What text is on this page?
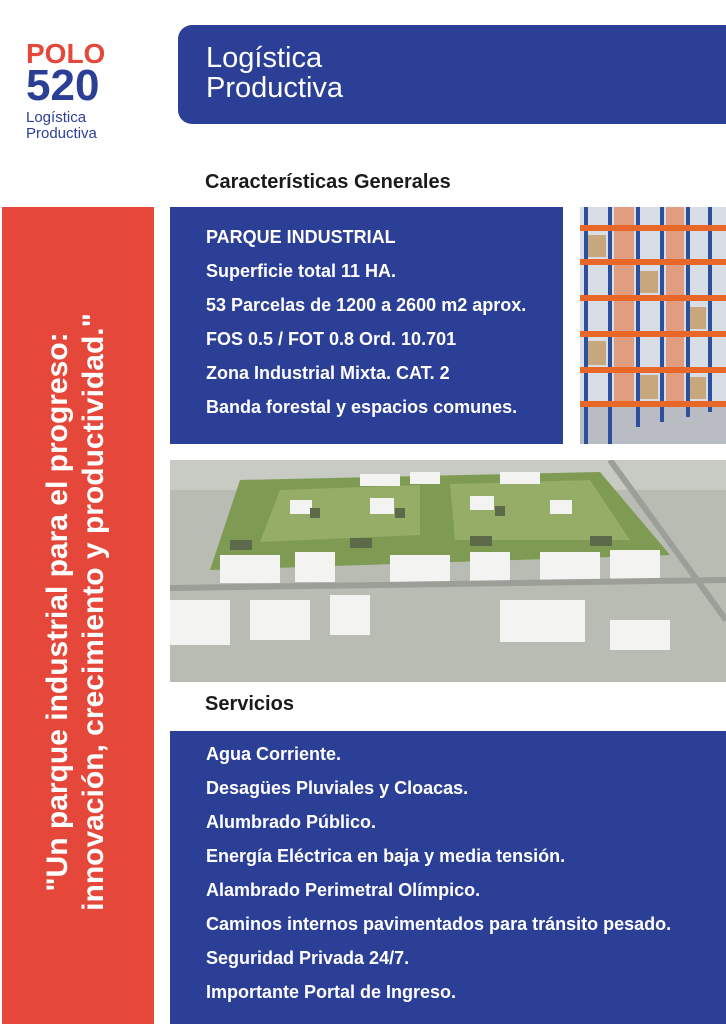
POLO
520
Logística
Productiva
Logística
Productiva
"Un parque industrial para el progreso:
innovación, crecimiento y productividad."
Características Generales
PARQUE INDUSTRIAL
Superficie total 11 HA.
53 Parcelas de 1200 a 2600 m2 aprox.
FOS 0.5 / FOT 0.8 Ord. 10.701
Zona Industrial Mixta. CAT. 2
Banda forestal y espacios comunes.
Servicios
Agua Corriente.
Desagües Pluviales y Cloacas.
Alumbrado Público.
Energía Eléctrica en baja y media tensión.
Alambrado Perimetral Olímpico.
Caminos internos pavimentados para tránsito pesado.
Seguridad Privada 24/7.
Importante Portal de Ingreso.
